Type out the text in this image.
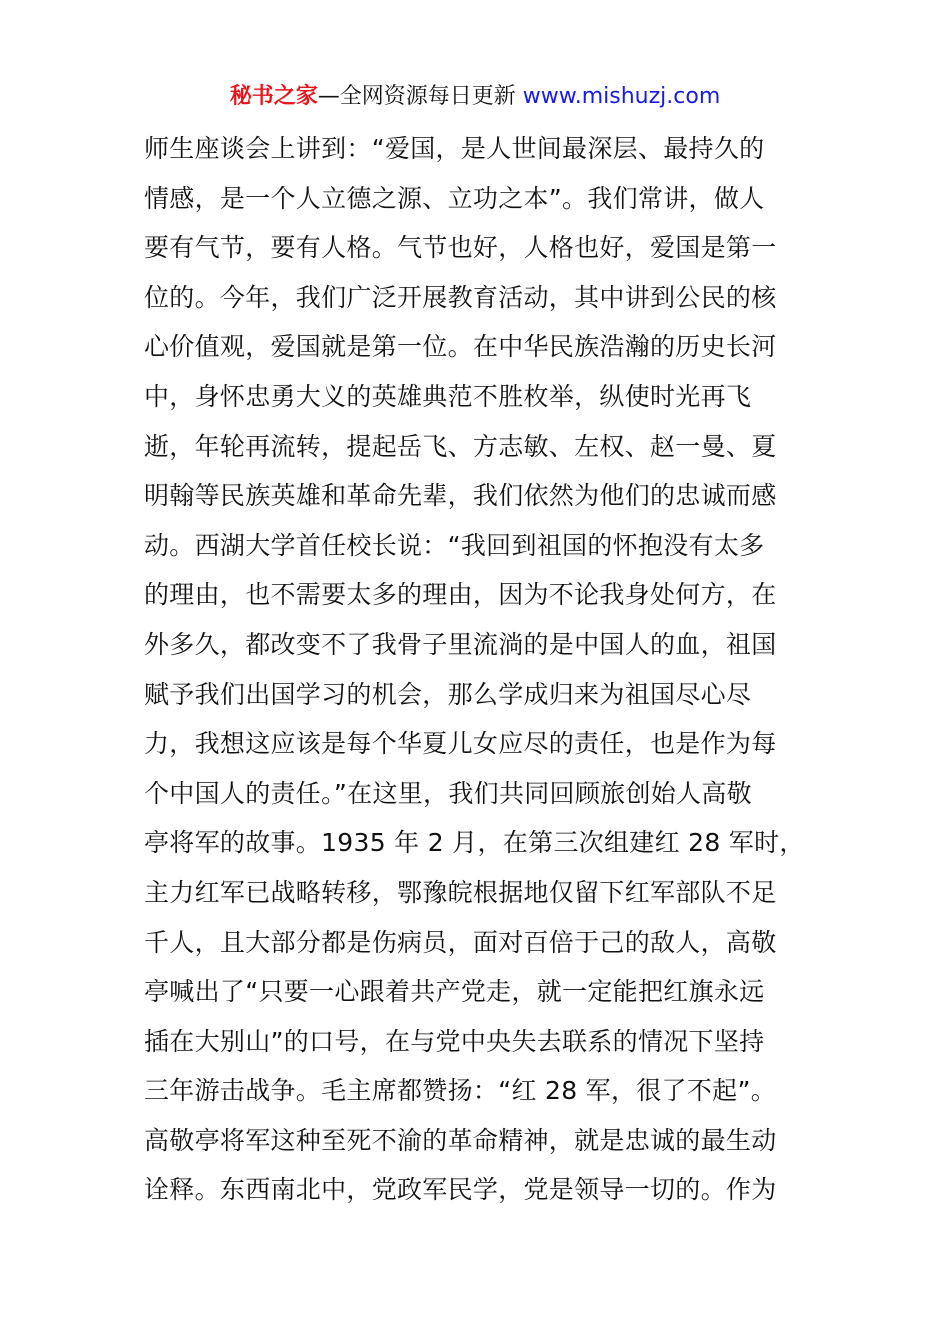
秘书之家—全网资源每日更新 www.mishuzj.com
师生座谈会上讲到：“爱国，是人世间最深层、最持久的
情感，是一个人立德之源、立功之本”。我们常讲，做人
要有气节，要有人格。气节也好，人格也好，爱国是第一
位的。今年，我们广泛开展教育活动，其中讲到公民的核
心价值观，爱国就是第一位。在中华民族浩瀚的历史长河
中，身怀忠勇大义的英雄典范不胜枚举，纵使时光再飞
逝，年轮再流转，提起岳飞、方志敏、左权、赵一曼、夏
明翰等民族英雄和革命先辈，我们依然为他们的忠诚而感
动。西湖大学首任校长说：“我回到祖国的怀抱没有太多
的理由，也不需要太多的理由，因为不论我身处何方，在
外多久，都改变不了我骨子里流淌的是中国人的血，祖国
赋予我们出国学习的机会，那么学成归来为祖国尽心尽
力，我想这应该是每个华夏儿女应尽的责任，也是作为每
个中国人的责任。”在这里，我们共同回顾旅创始人高敬
亭将军的故事。1935 年 2 月，在第三次组建红 28 军时，
主力红军已战略转移，鄂豫皖根据地仅留下红军部队不足
千人，且大部分都是伤病员，面对百倍于己的敌人，高敬
亭喊出了“只要一心跟着共产党走，就一定能把红旗永远
插在大别山”的口号，在与党中央失去联系的情况下坚持
三年游击战争。毛主席都赞扬：“红 28 军，很了不起”。
高敬亭将军这种至死不渝的革命精神，就是忠诚的最生动
诠释。东西南北中，党政军民学，党是领导一切的。作为
